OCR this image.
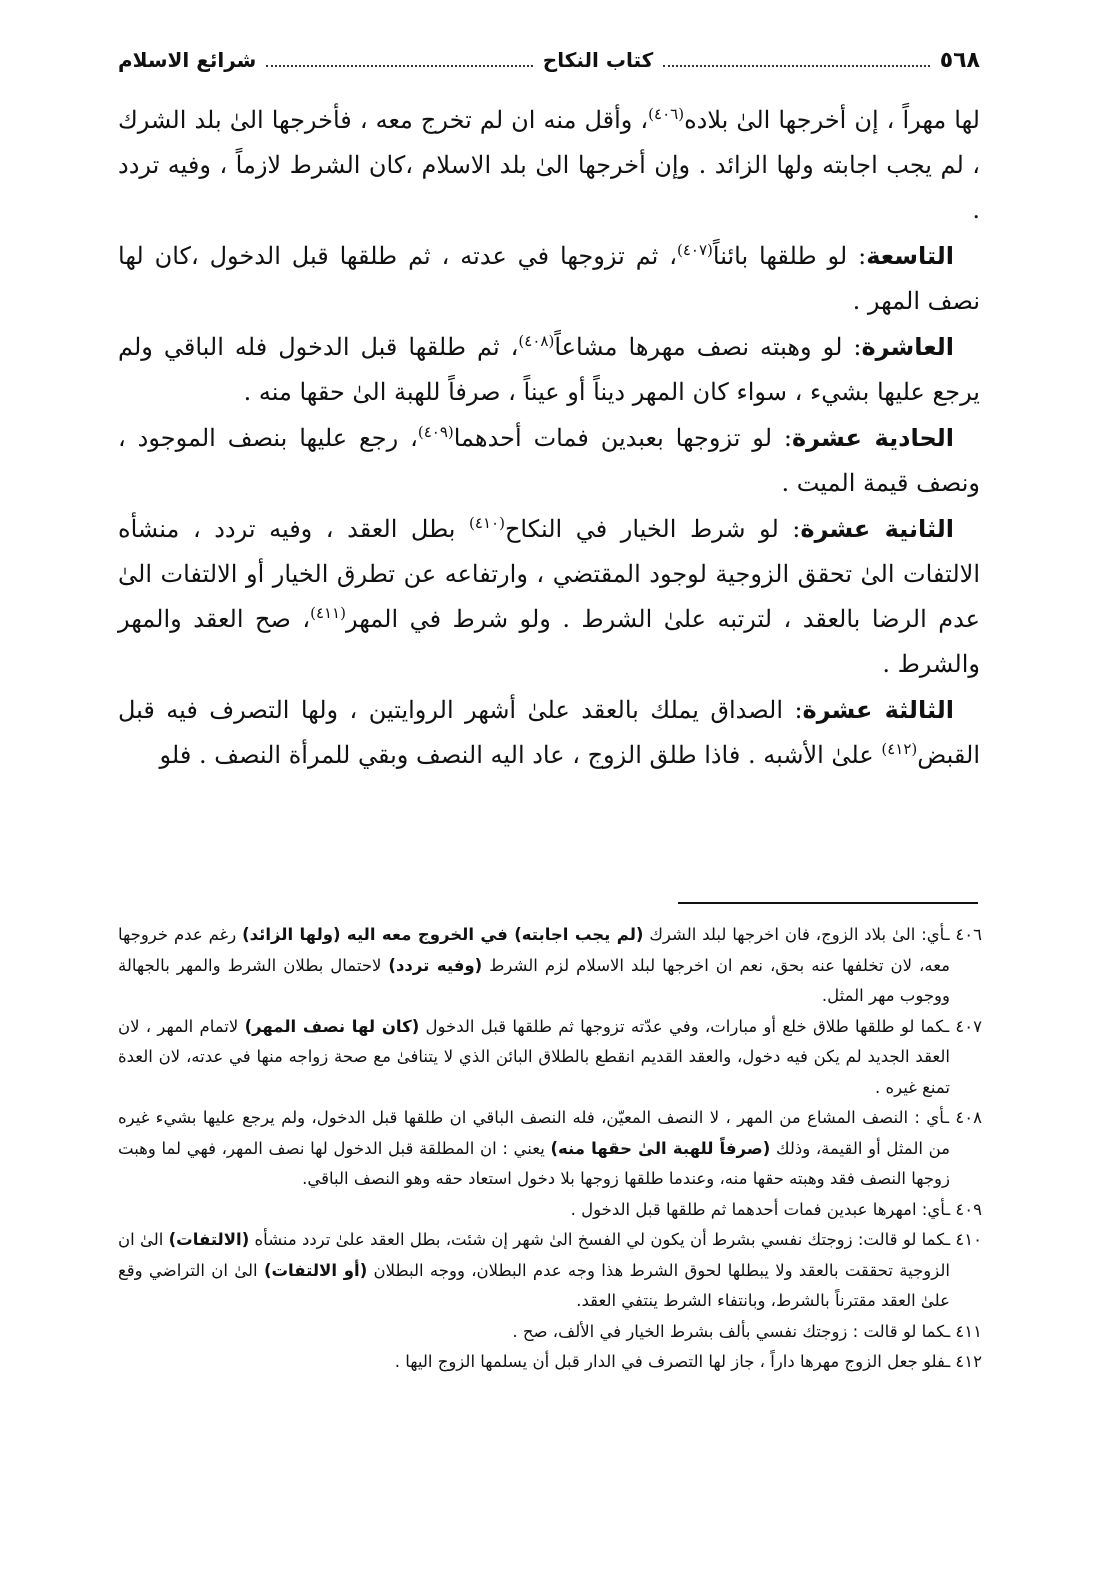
٥٦٨
كتاب النكاح
شرائع الاسلام

لها مهراً ، إن أخرجها الىٰ بلاده$^{(٤٠٦)}$، وأقل منه ان لم تخرج معه ، فأخرجها الىٰ بلد الشرك ، لم يجب اجابته ولها الزائد . وإن أخرجها الىٰ بلد الاسلام ،كان الشرط لازماً ، وفيه تردد .

التاسعة: لو طلقها بائناً$^{(٤٠٧)}$، ثم تزوجها في عدته ، ثم طلقها قبل الدخول ،كان لها نصف المهر .

العاشرة: لو وهبته نصف مهرها مشاعاً$^{(٤٠٨)}$، ثم طلقها قبل الدخول فله الباقي ولم يرجع عليها بشيء ، سواء كان المهر ديناً أو عيناً ، صرفاً للهبة الىٰ حقها منه .

الحادية عشرة: لو تزوجها بعبدين فمات أحدهما$^{(٤٠٩)}$، رجع عليها بنصف الموجود ، ونصف قيمة الميت .

الثانية عشرة: لو شرط الخيار في النكاح$^{(٤١٠)}$ بطل العقد ، وفيه تردد ، منشأه الالتفات الىٰ تحقق الزوجية لوجود المقتضي ، وارتفاعه عن تطرق الخيار أو الالتفات الىٰ عدم الرضا بالعقد ، لترتبه علىٰ الشرط . ولو شرط في المهر$^{(٤١١)}$، صح العقد والمهر والشرط .

الثالثة عشرة: الصداق يملك بالعقد علىٰ أشهر الروايتين ، ولها التصرف فيه قبل القبض$^{(٤١٢)}$ علىٰ الأشبه . فاذا طلق الزوج ، عاد اليه النصف وبقي للمرأة النصف . فلو

٤٠٦ ـأي: الىٰ بلاد الزوج، فان اخرجها لبلد الشرك (لم يجب اجابته) في الخروج معه اليه (ولها الزائد) رغم عدم خروجها معه، لان تخلفها عنه بحق، نعم ان اخرجها لبلد الاسلام لزم الشرط (وفيه تردد) لاحتمال بطلان الشرط والمهر بالجهالة ووجوب مهر المثل.

٤٠٧ ـكما لو طلقها طلاق خلع أو مبارات، وفي عدّته تزوجها ثم طلقها قبل الدخول (كان لها نصف المهر) لاتمام المهر ، لان العقد الجديد لم يكن فيه دخول، والعقد القديم انقطع بالطلاق البائن الذي لا يتنافىٰ مع صحة زواجه منها في عدته، لان العدة تمنع غيره .

٤٠٨ ـأي : النصف المشاع من المهر ، لا النصف المعيّن، فله النصف الباقي ان طلقها قبل الدخول، ولم يرجع عليها بشيء غيره من المثل أو القيمة، وذلك (صرفاً للهبة الىٰ حقها منه) يعني : ان المطلقة قبل الدخول لها نصف المهر، فهي لما وهبت زوجها النصف فقد وهبته حقها منه، وعندما طلقها زوجها بلا دخول استعاد حقه وهو النصف الباقي.

٤٠٩ ـأي: امهرها عبدين فمات أحدهما ثم طلقها قبل الدخول .

٤١٠ ـكما لو قالت: زوجتك نفسي بشرط أن يكون لي الفسخ الىٰ شهر إن شئت، بطل العقد علىٰ تردد منشأه (الالتفات) الىٰ ان الزوجية تحققت بالعقد ولا يبطلها لحوق الشرط هذا وجه عدم البطلان، ووجه البطلان (أو الالتفات) الىٰ ان التراضي وقع علىٰ العقد مقترناً بالشرط، وبانتفاء الشرط ينتفي العقد.

٤١١ ـكما لو قالت : زوجتك نفسي بألف بشرط الخيار في الألف، صح .

٤١٢ ـفلو جعل الزوج مهرها داراً ، جاز لها التصرف في الدار قبل أن يسلمها الزوج اليها .
